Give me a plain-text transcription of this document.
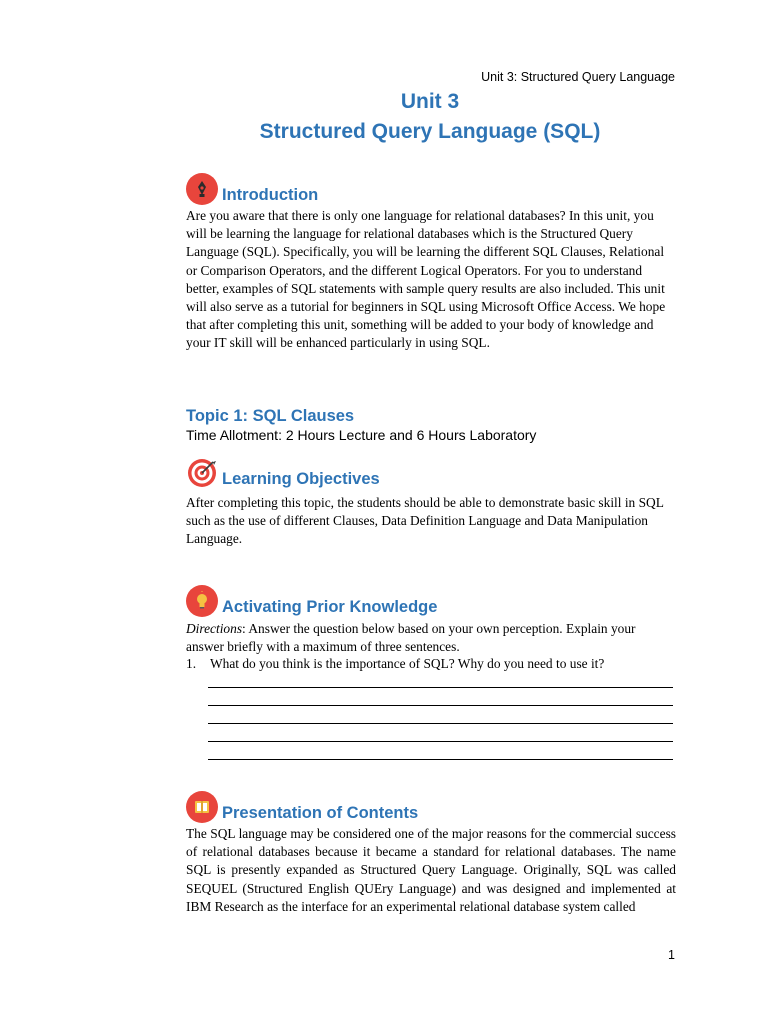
Unit 3: Structured Query Language
Unit 3
Structured Query Language (SQL)
Introduction

Are you aware that there is only one language for relational databases? In this unit, you will be learning the language for relational databases which is the Structured Query Language (SQL). Specifically, you will be learning the different SQL Clauses, Relational or Comparison Operators, and the different Logical Operators. For you to understand better, examples of SQL statements with sample query results are also included. This unit will also serve as a tutorial for beginners in SQL using Microsoft Office Access. We hope that after completing this unit, something will be added to your body of knowledge and your IT skill will be enhanced particularly in using SQL.

Topic 1: SQL Clauses

Time Allotment: 2 Hours Lecture and 6 Hours Laboratory

Learning Objectives

After completing this topic, the students should be able to demonstrate basic skill in SQL such as the use of different Clauses, Data Definition Language and Data Manipulation Language.

Activating Prior Knowledge

Directions: Answer the question below based on your own perception. Explain your answer briefly with a maximum of three sentences.

1.	What do you think is the importance of SQL? Why do you need to use it?
Presentation of Contents

The SQL language may be considered one of the major reasons for the commercial success of relational databases because it became a standard for relational databases. The name SQL is presently expanded as Structured Query Language. Originally, SQL was called SEQUEL (Structured English QUEry Language) and was designed and implemented at IBM Research as the interface for an experimental relational database system called

1
